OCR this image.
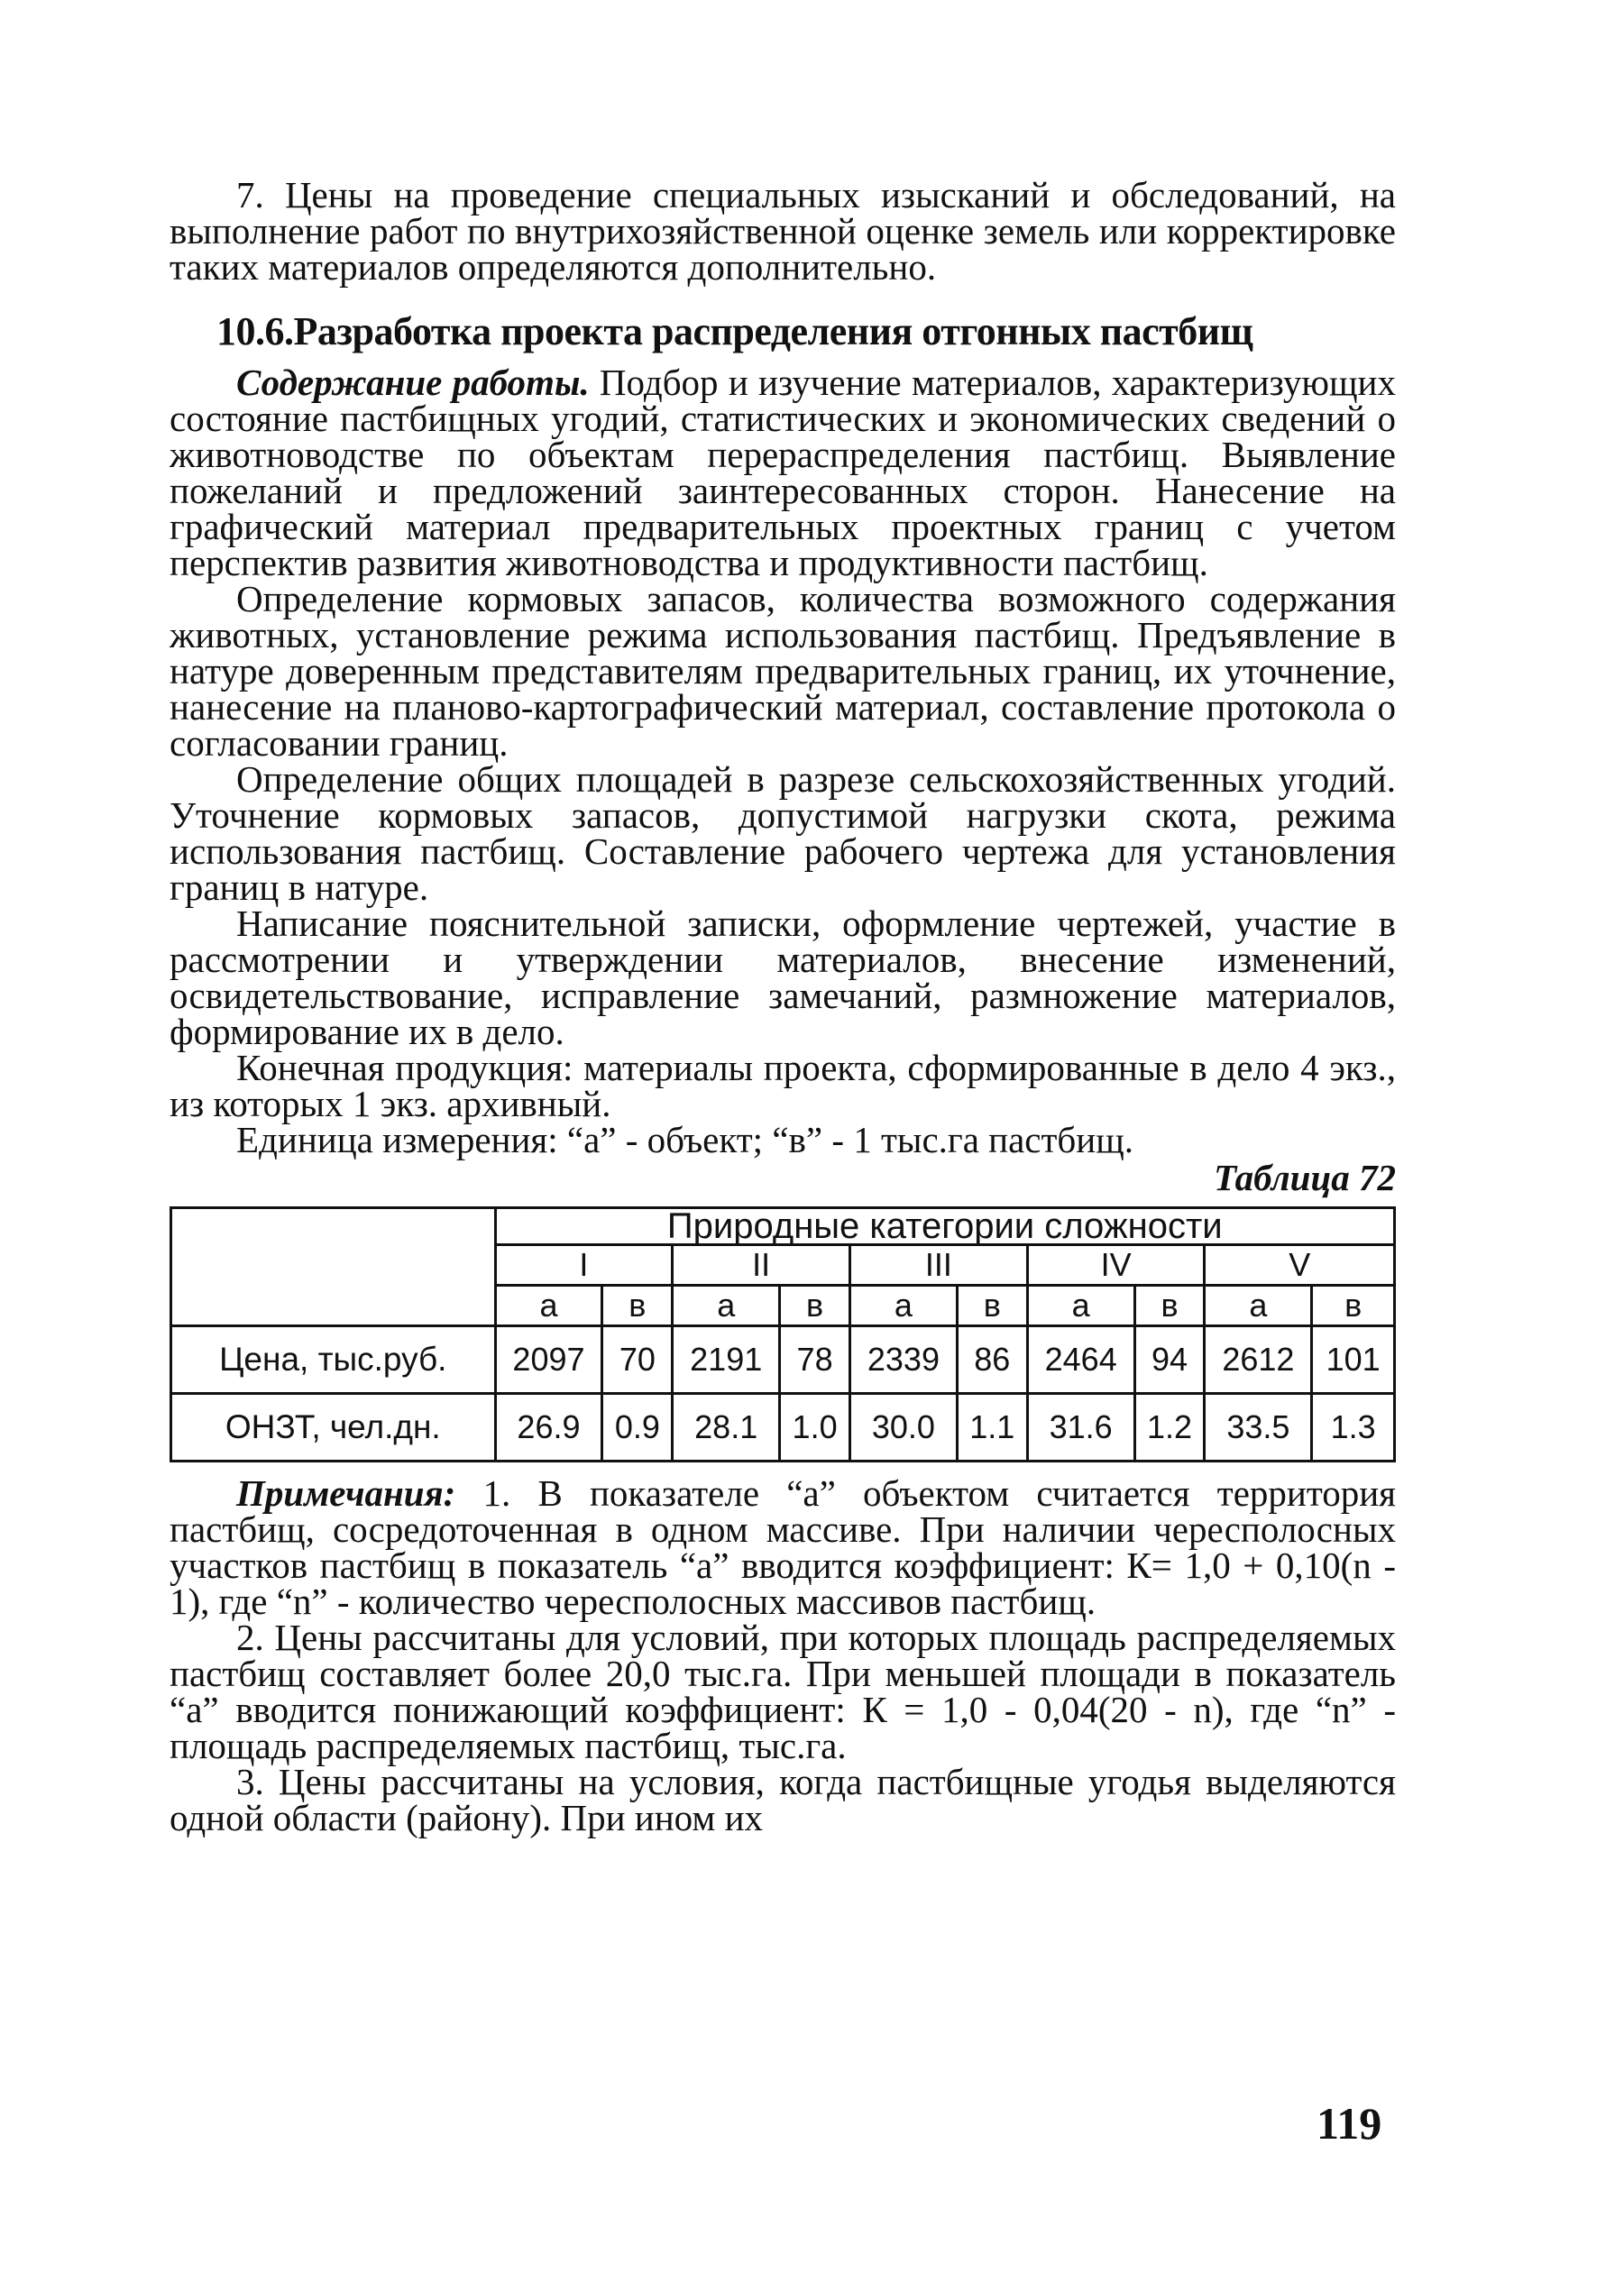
7. Цены на проведение специальных изысканий и обследований, на выполнение работ по внутрихозяйственной оценке земель или корректировке таких материалов определяются дополнительно.

10.6.Разработка проекта распределения отгонных пастбищ

Содержание работы. Подбор и изучение материалов, характеризующих состояние пастбищных угодий, статистических и экономических сведений о животноводстве по объектам перераспределения пастбищ. Выявление пожеланий и предложений заинтересованных сторон. Нанесение на графический материал предварительных проектных границ с учетом перспектив развития животноводства и продуктивности пастбищ.

Определение кормовых запасов, количества возможного содержания животных, установление режима использования пастбищ. Предъявление в натуре доверенным представителям предварительных границ, их уточнение, нанесение на планово-картографический материал, составление протокола о согласовании границ.

Определение общих площадей в разрезе сельскохозяйственных угодий. Уточнение кормовых запасов, допустимой нагрузки скота, режима использования пастбищ. Составление рабочего чертежа для установления границ в натуре.

Написание пояснительной записки, оформление чертежей, участие в рассмотрении и утверждении материалов, внесение изменений, освидетельствование, исправление замечаний, размножение материалов, формирование их в дело.

Конечная продукция: материалы проекта, сформированные в дело 4 экз., из которых 1 экз. архивный.

Единица измерения: “а” - объект; “в” - 1 тыс.га пастбищ.

Таблица 72
	Природные категории сложности									
	I		II		III		IV		V	
	а	в	а	в	а	в	а	в	а	в
Цена, тыс.руб.	2097	70	2191	78	2339	86	2464	94	2612	101
ОНЗТ, чел.дн.	26.9	0.9	28.1	1.0	30.0	1.1	31.6	1.2	33.5	1.3

Примечания: 1. В показателе “а” объектом считается территория пастбищ, сосредоточенная в одном массиве. При наличии чересполосных участков пастбищ в показатель “а” вводится коэффициент: К= 1,0 + 0,10(n - 1), где “n” - количество чересполосных массивов пастбищ.

2. Цены рассчитаны для условий, при которых площадь распределяемых пастбищ составляет более 20,0 тыс.га. При меньшей площади в показатель “а” вводится понижающий коэффициент: К = 1,0 - 0,04(20 - n), где “n” - площадь распределяемых пастбищ, тыс.га.

3. Цены рассчитаны на условия, когда пастбищные угодья выделяются одной области (району). При ином их

119
